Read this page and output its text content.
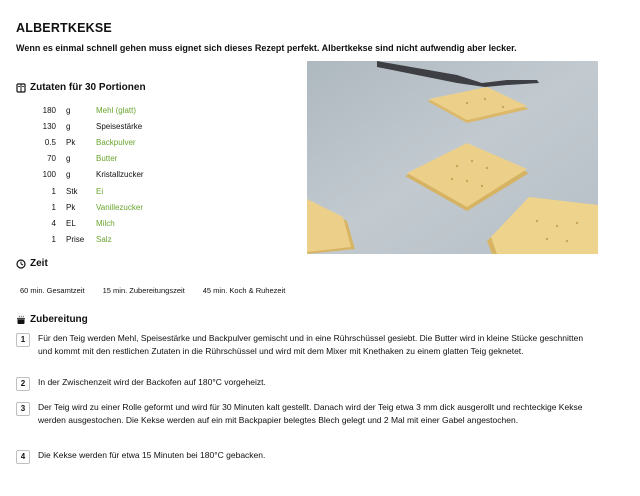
ALBERTKEKSE
Wenn es einmal schnell gehen muss eignet sich dieses Rezept perfekt. Albertkekse sind nicht aufwendig aber lecker.
Zutaten für 30 Portionen
180 g	Mehl (glatt)
130 g	Speisestärke
0.5 Pk	Backpulver
70 g	Butter
100 g	Kristallzucker
1 Stk	Ei
1 Pk	Vanillezucker
4 EL	Milch
1 Prise Salz
Zeit
60 min. Gesamtzeit 15 min. Zubereitungszeit 45 min. Koch & Ruhezeit
Zubereitung
1	Für den Teig werden Mehl, Speisestärke und Backpulver gemischt und in eine Rührschüssel gesiebt. Die Butter wird in kleine Stücke geschnitten und kommt mit den restlichen Zutaten in die Rührschüssel und wird mit dem Mixer mit Knethaken zu einem glatten Teig geknetet.
2	In der Zwischenzeit wird der Backofen auf 180°C vorgeheizt.
3	Der Teig wird zu einer Rolle geformt und wird für 30 Minuten kalt gestellt. Danach wird der Teig etwa 3 mm dick ausgerollt und rechteckige Kekse werden ausgestochen. Die Kekse werden auf ein mit Backpapier belegtes Blech gelegt und 2 Mal mit einer Gabel angestochen.
4	Die Kekse werden für etwa 15 Minuten bei 180°C gebacken.
